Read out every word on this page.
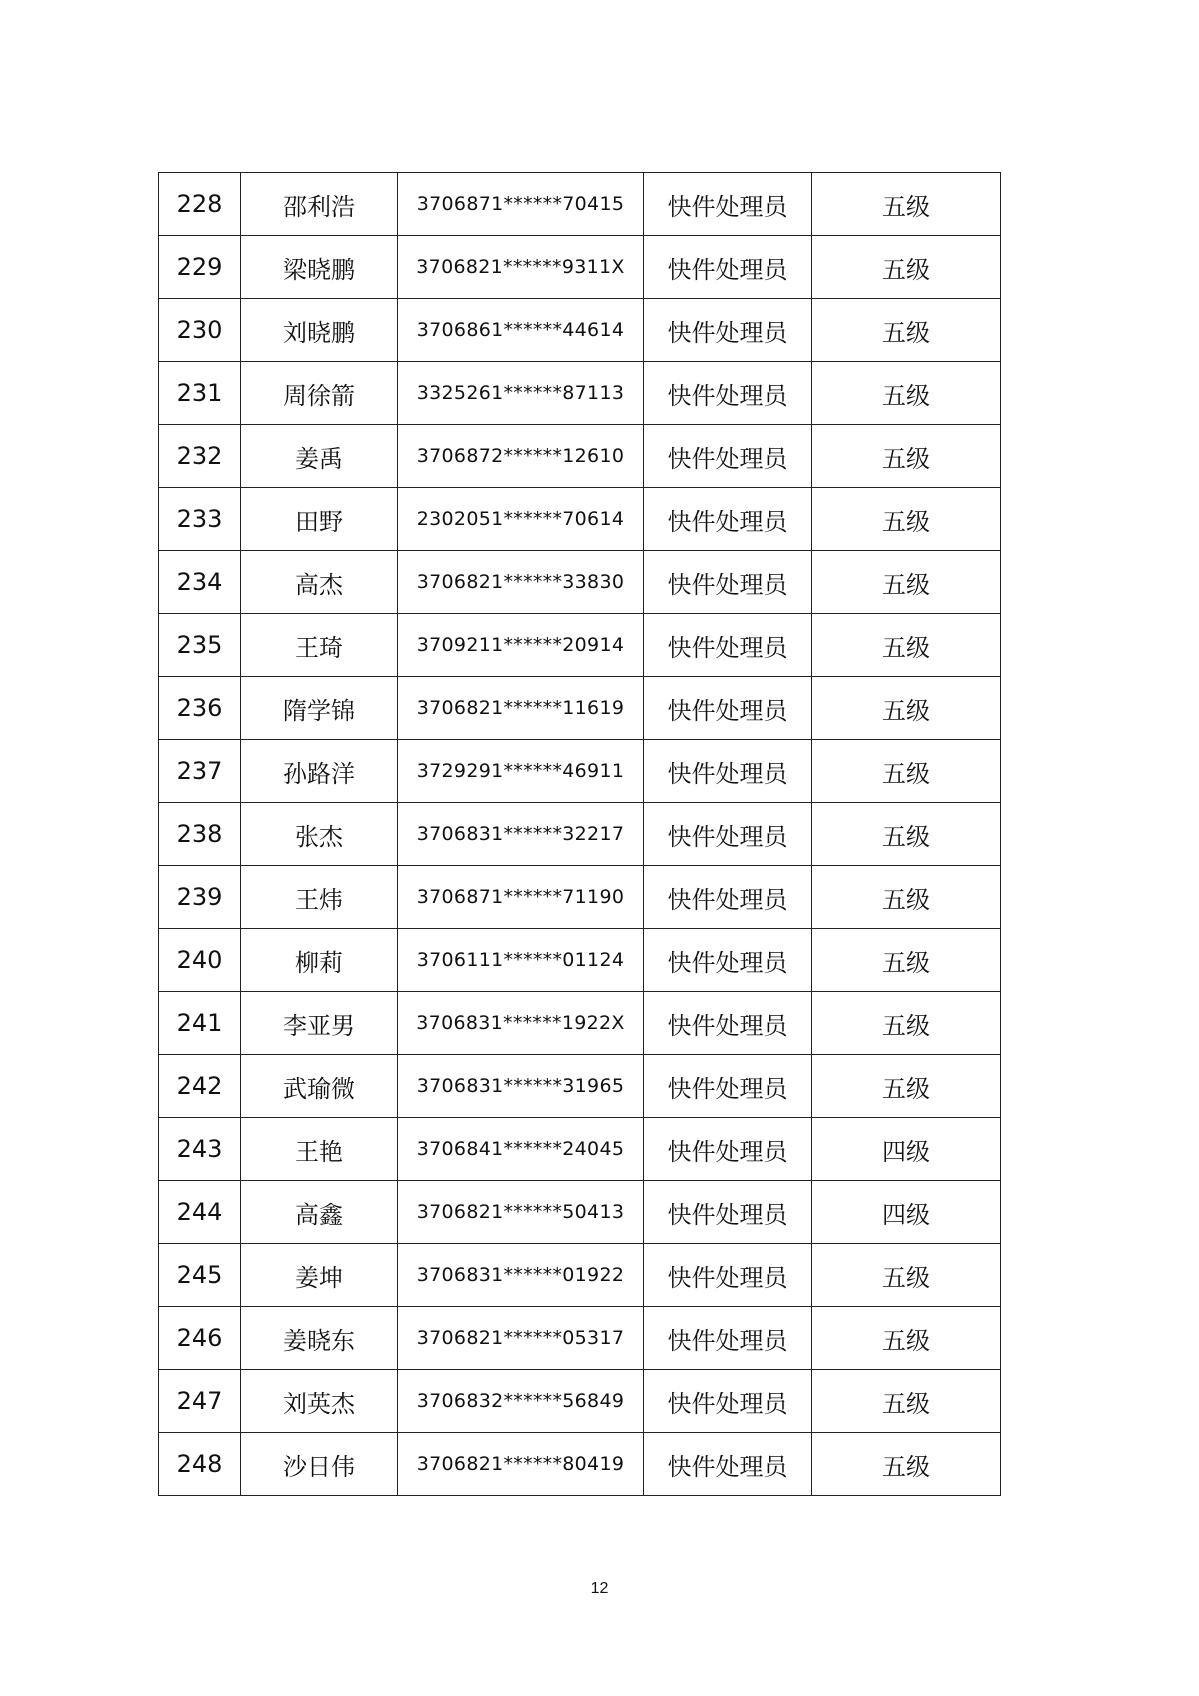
228	邵利浩	3706871******70415	快件处理员	五级
229	梁晓鹏	3706821******9311X	快件处理员	五级
230	刘晓鹏	3706861******44614	快件处理员	五级
231	周徐箭	3325261******87113	快件处理员	五级
232	姜禹	3706872******12610	快件处理员	五级
233	田野	2302051******70614	快件处理员	五级
234	高杰	3706821******33830	快件处理员	五级
235	王琦	3709211******20914	快件处理员	五级
236	隋学锦	3706821******11619	快件处理员	五级
237	孙路洋	3729291******46911	快件处理员	五级
238	张杰	3706831******32217	快件处理员	五级
239	王炜	3706871******71190	快件处理员	五级
240	柳莉	3706111******01124	快件处理员	五级
241	李亚男	3706831******1922X	快件处理员	五级
242	武瑜微	3706831******31965	快件处理员	五级
243	王艳	3706841******24045	快件处理员	四级
244	高鑫	3706821******50413	快件处理员	四级
245	姜坤	3706831******01922	快件处理员	五级
246	姜晓东	3706821******05317	快件处理员	五级
247	刘英杰	3706832******56849	快件处理员	五级
248	沙日伟	3706821******80419	快件处理员	五级
12
